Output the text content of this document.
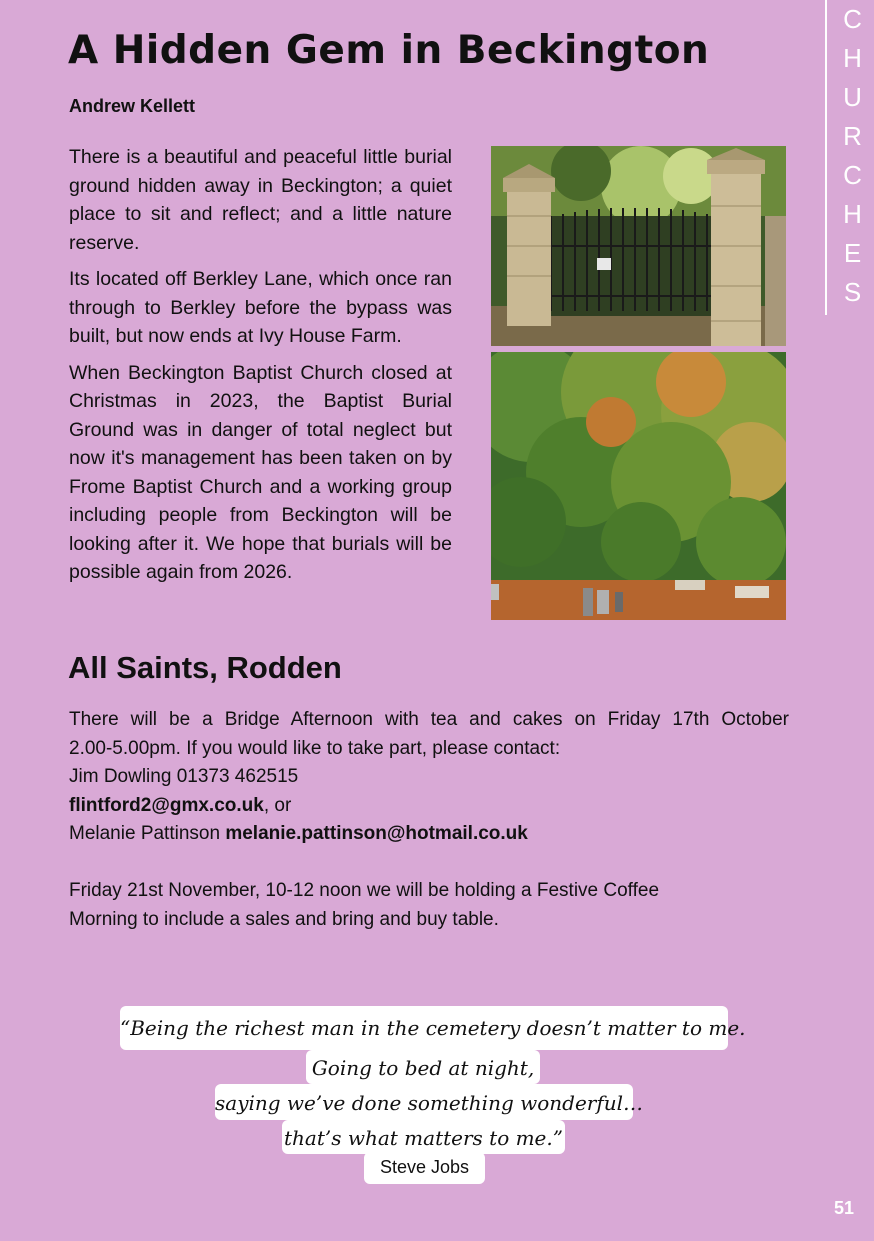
A Hidden Gem in Beckington

Andrew Kellett

There is a beautiful and peaceful little burial ground hidden away in Beckington; a quiet place to sit and reflect; and a little nature reserve.

Its located off Berkley Lane, which once ran through to Berkley before the bypass was built, but now ends at Ivy House Farm.

When Beckington Baptist Church closed at Christmas in 2023, the Baptist Burial Ground was in danger of total neglect but now it's management has been taken on by Frome Baptist Church and a working group including people from Beckington will be looking after it. We hope that burials will be possible again from 2026.

All Saints, Rodden
There will be a Bridge Afternoon with tea and cakes on Friday 17th October
2.00-5.00pm. If you would like to take part, please contact:
Jim Dowling 01373 462515
flintford2@gmx.co.uk, or
Melanie Pattinson melanie.pattinson@hotmail.co.uk
Friday 21st November, 10-12 noon we will be holding a Festive Coffee
Morning to include a sales and bring and buy table.
“Being the richest man in the cemetery doesn’t matter to me.
Going to bed at night,
saying we’ve done something wonderful…
that’s what matters to me.”
Steve Jobs
C
H
U
R
C
H
E
S
51
